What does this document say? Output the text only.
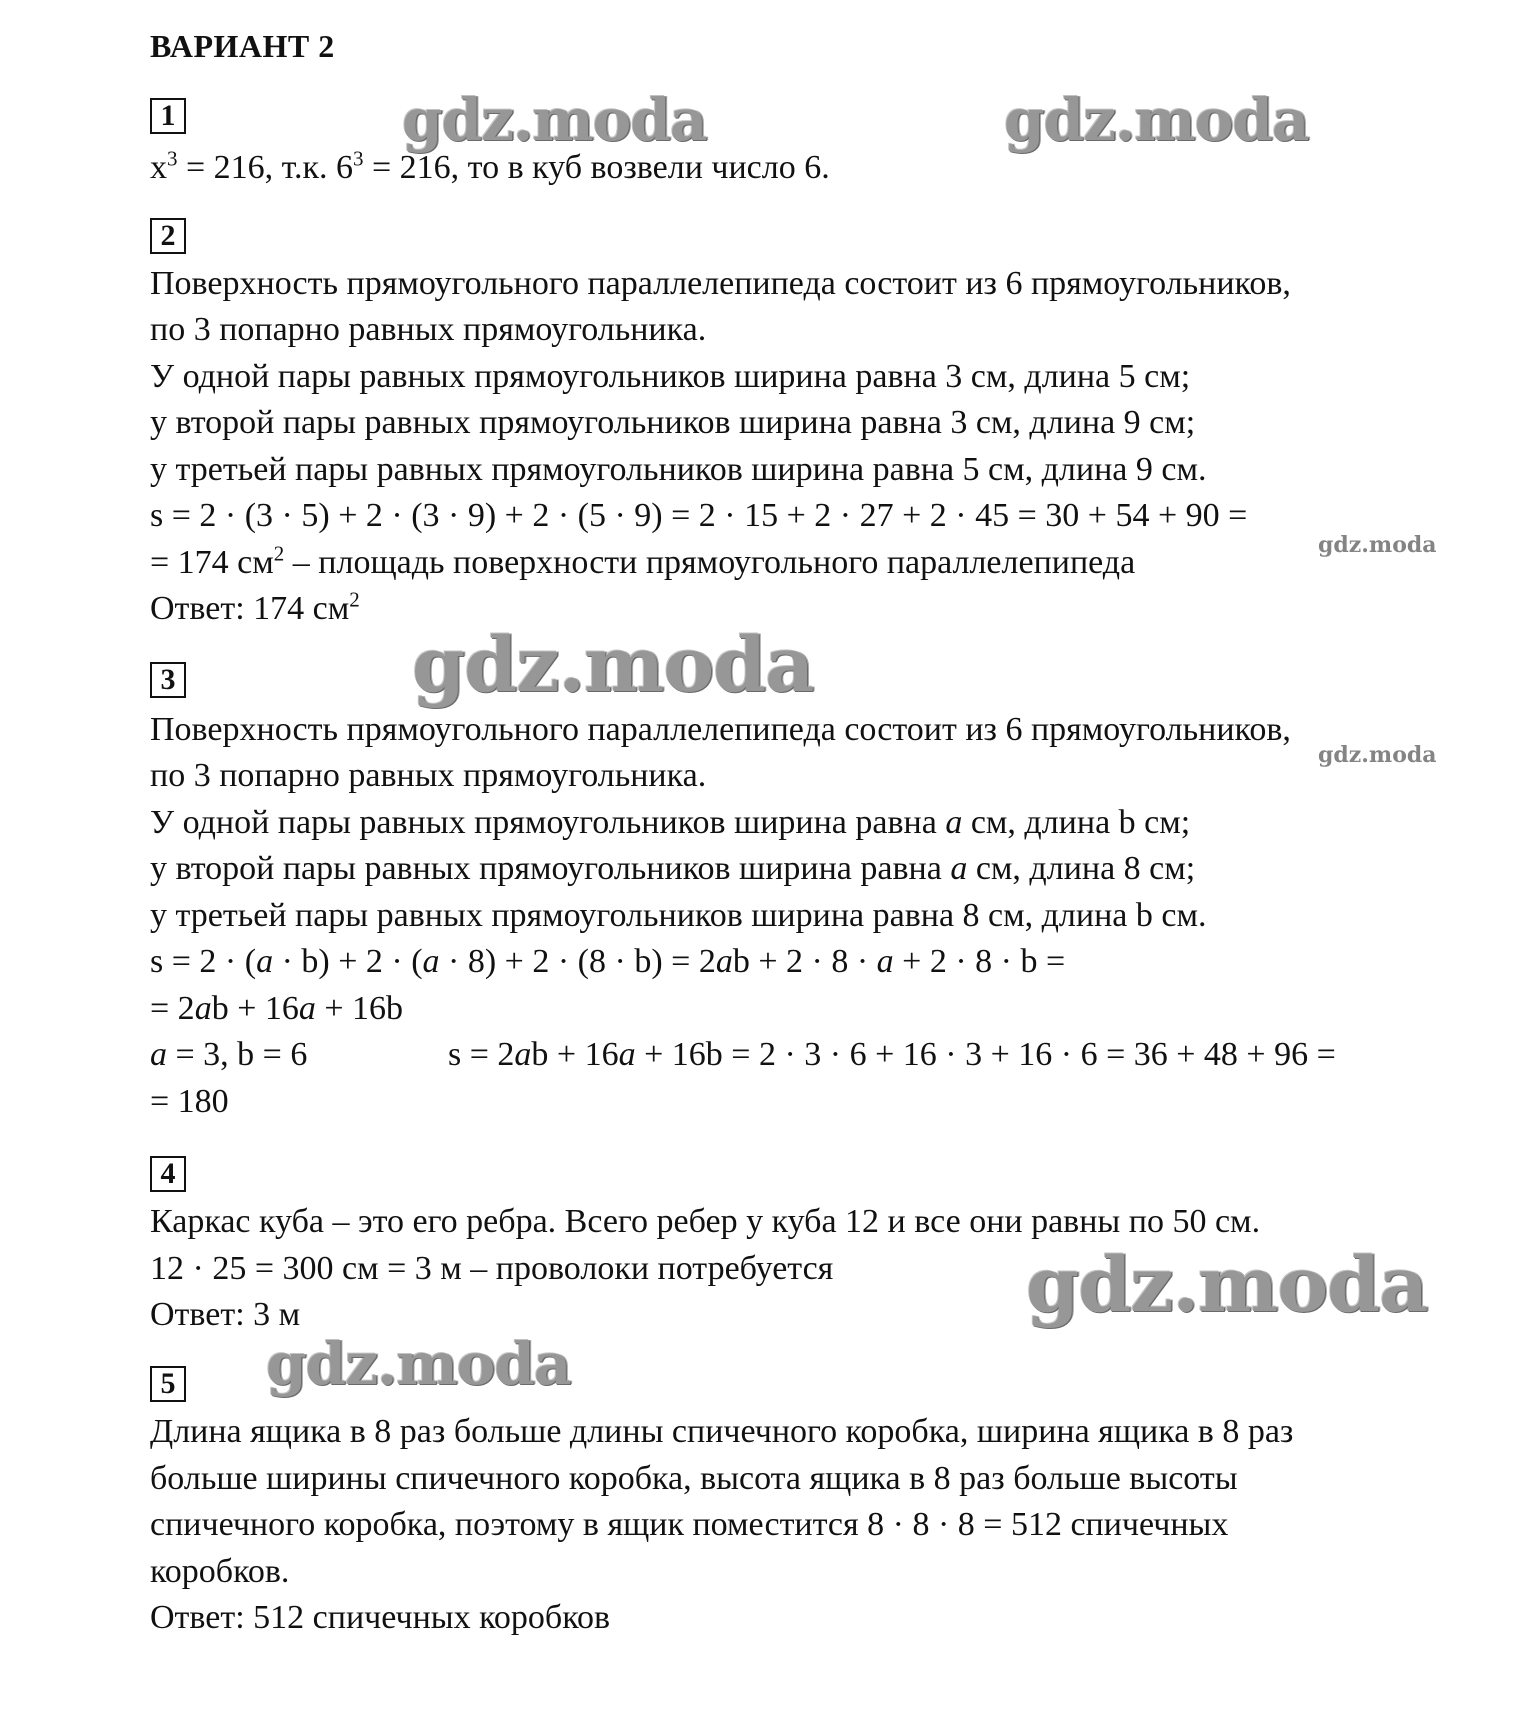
ВАРИАНТ 2
gdz.moda	gdz.moda
gdz.moda
gdz.moda
gdz.moda
gdz.moda
gdz.moda
1
$x^3 = 216$, т.к. $6^3 = 216$, то в куб возвели число 6.
2
Поверхность прямоугольного параллелепипеда состоит из 6 прямоугольников,
по 3 попарно равных прямоугольника.
У одной пары равных прямоугольников ширина равна 3 см, длина 5 см;
у второй пары равных прямоугольников ширина равна 3 см, длина 9 см;
у третьей пары равных прямоугольников ширина равна 5 см, длина 9 см.
s = 2 · (3 · 5) + 2 · (3 · 9) + 2 · (5 · 9) = 2 · 15 + 2 · 27 + 2 · 45 = 30 + 54 + 90 =
= 174 $см^2$ – площадь поверхности прямоугольного параллелепипеда
Ответ: 174 $см^2$
3
Поверхность прямоугольного параллелепипеда состоит из 6 прямоугольников,
по 3 попарно равных прямоугольника.
У одной пары равных прямоугольников ширина равна a см, длина b см;
у второй пары равных прямоугольников ширина равна a см, длина 8 см;
у третьей пары равных прямоугольников ширина равна 8 см, длина b см.
s = 2 · (a · b) + 2 · (a · 8) + 2 · (8 · b) = 2ab + 2 · 8 · a + 2 · 8 · b =
= 2ab + 16a + 16b
a = 3, b = 6	s = 2ab + 16a + 16b = 2 · 3 · 6 + 16 · 3 + 16 · 6 = 36 + 48 + 96 =
= 180
4
Каркас куба – это его ребра. Всего ребер у куба 12 и все они равны по 50 см.
12 · 25 = 300 см = 3 м – проволоки потребуется
Ответ: 3 м
5
Длина ящика в 8 раз больше длины спичечного коробка, ширина ящика в 8 раз
больше ширины спичечного коробка, высота ящика в 8 раз больше высоты
спичечного коробка, поэтому в ящик поместится 8 · 8 · 8 = 512 спичечных
коробков.
Ответ: 512 спичечных коробков
